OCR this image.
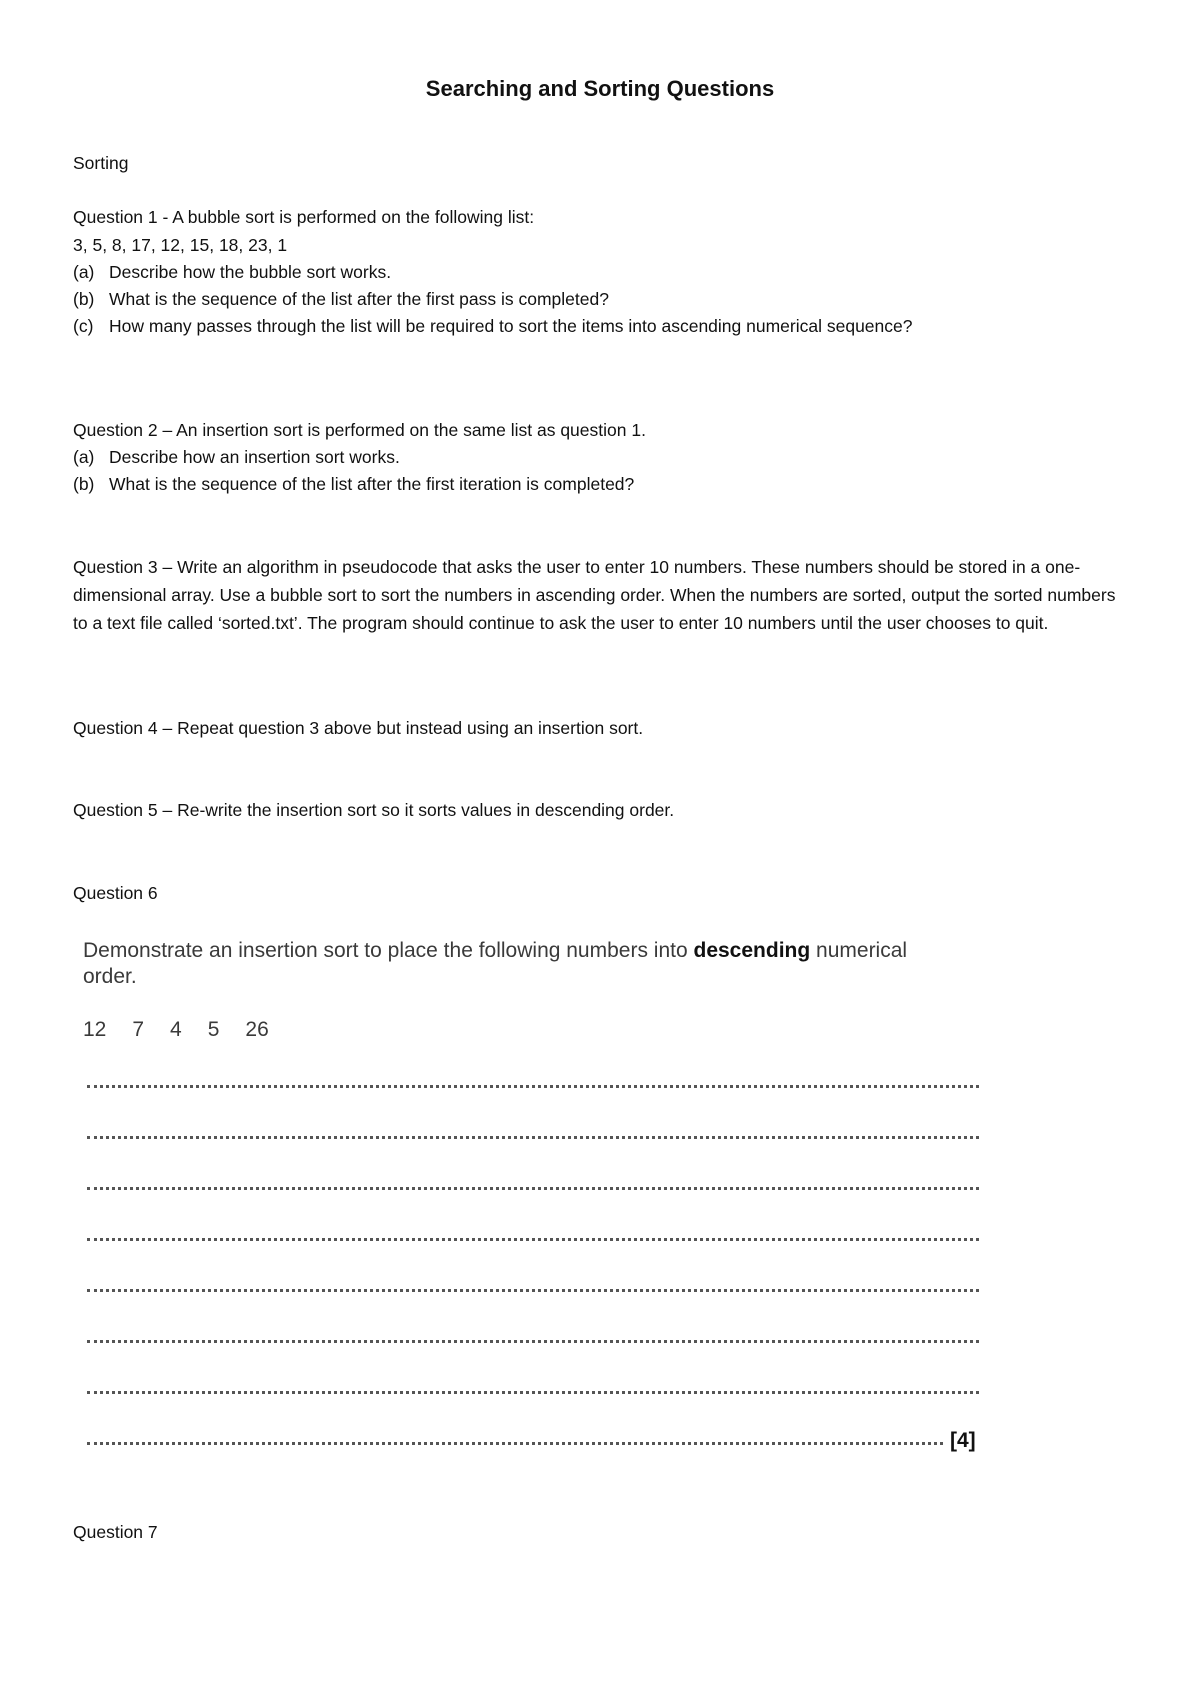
Searching and Sorting Questions
Sorting
Question 1 - A bubble sort is performed on the following list:
3, 5, 8, 17, 12, 15, 18, 23, 1
(a) Describe how the bubble sort works.
(b) What is the sequence of the list after the first pass is completed?
(c) How many passes through the list will be required to sort the items into ascending numerical sequence?
Question 2 – An insertion sort is performed on the same list as question 1.
(a) Describe how an insertion sort works.
(b) What is the sequence of the list after the first iteration is completed?
Question 3 – Write an algorithm in pseudocode that asks the user to enter 10 numbers. These numbers should be stored in a one-dimensional array. Use a bubble sort to sort the numbers in ascending order. When the numbers are sorted, output the sorted numbers to a text file called ‘sorted.txt’. The program should continue to ask the user to enter 10 numbers until the user chooses to quit.
Question 4 – Repeat question 3 above but instead using an insertion sort.
Question 5 – Re-write the insertion sort so it sorts values in descending order.
Question 6
Demonstrate an insertion sort to place the following numbers into descending numerical
order.
12 7 4 5 26
[4]
Question 7
